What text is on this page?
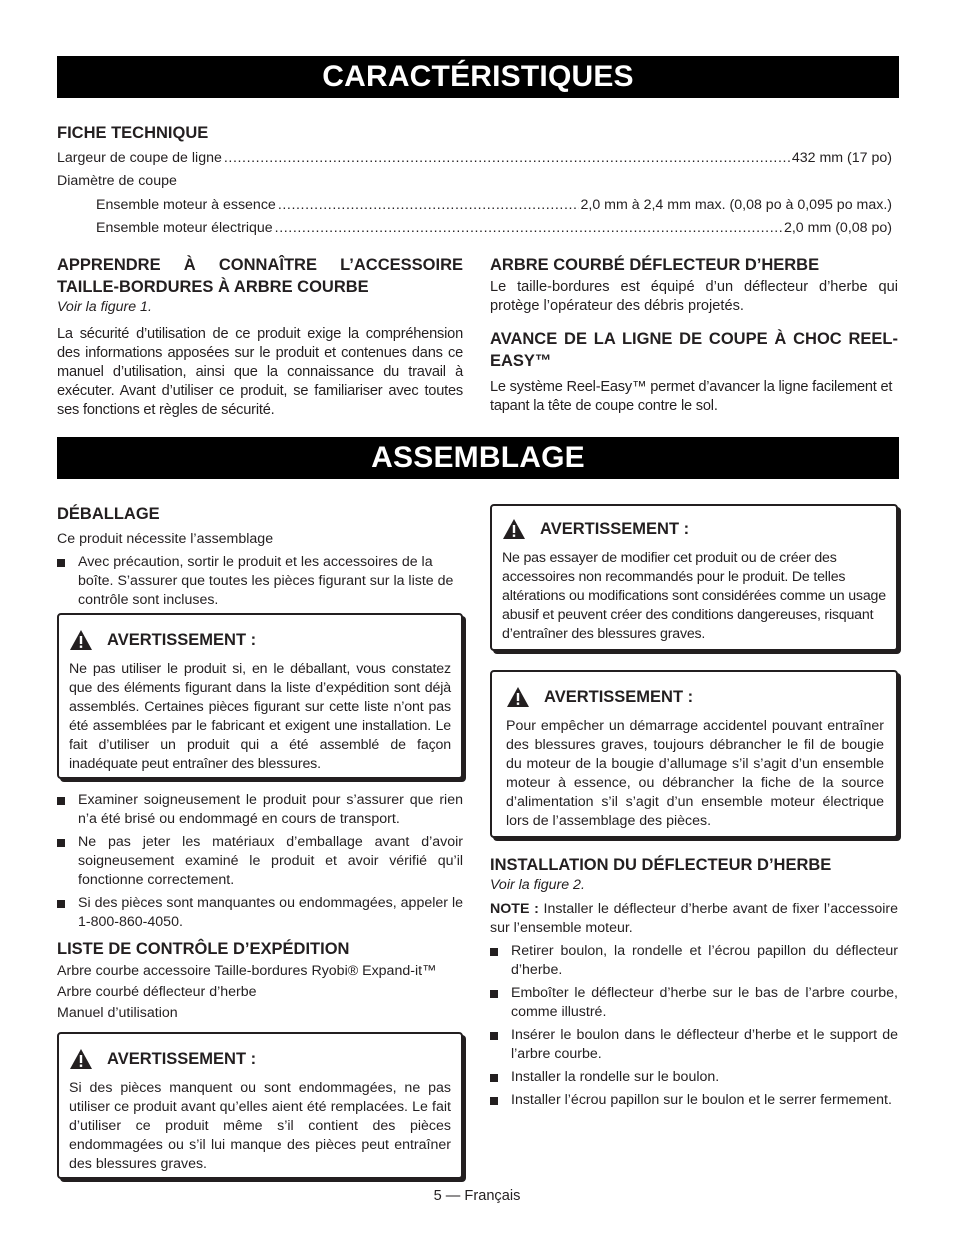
CARACTÉRISTIQUES
FICHE TECHNIQUE
Largeur de coupe de ligne .....	432 mm (17 po)
Diamètre de coupe
Ensemble moteur à essence .....	2,0 mm à 2,4 mm max. (0,08 po à 0,095 po max.)
Ensemble moteur électrique .....	2,0 mm (0,08 po)
APPRENDRE À CONNAÎTRE L’ACCESSOIRE TAILLE-BORDURES À ARBRE COURBE

Voir la figure 1.

La sécurité d’utilisation de ce produit exige la compréhension des informations apposées sur le produit et contenues dans ce manuel d’utilisation, ainsi que la connaissance du travail à exécuter. Avant d’utiliser ce produit, se familiariser avec toutes ses fonctions et règles de sécurité.

ARBRE COURBÉ DÉFLECTEUR D’HERBE

Le taille-bordures est équipé d’un déflecteur d’herbe qui protège l’opérateur des débris projetés.

AVANCE DE LA LIGNE DE COUPE À CHOC REEL-EASY™

Le système Reel-Easy™ permet d’avancer la ligne facilement et tapant la tête de coupe contre le sol.

ASSEMBLAGE
DÉBALLAGE

Ce produit nécessite l’assemblage

Avec précaution, sortir le produit et les accessoires de la boîte. S’assurer que toutes les pièces figurant sur la liste de contrôle sont incluses.
AVERTISSEMENT :

Ne pas utiliser le produit si, en le déballant, vous constatez que des éléments figurant dans la liste d’expédition sont déjà assemblés. Certaines pièces figurant sur cette liste n’ont pas été assemblées par le fabricant et exigent une installation. Le fait d’utiliser un produit qui a été assemblé de façon inadéquate peut entraîner des blessures.

Examiner soigneusement le produit pour s’assurer que rien n’a été brisé ou endommagé en cours de transport.
Ne pas jeter les matériaux d’emballage avant d’avoir soigneusement examiné le produit et avoir vérifié qu’il fonctionne correctement.
Si des pièces sont manquantes ou endommagées, appeler le 1-800-860-4050.
LISTE DE CONTRÔLE D’EXPÉDITION

Arbre courbe accessoire Taille-bordures Ryobi® Expand-it™

Arbre courbé déflecteur d’herbe

Manuel d’utilisation

AVERTISSEMENT :

Si des pièces manquent ou sont endommagées, ne pas utiliser ce produit avant qu’elles aient été remplacées. Le fait d’utiliser ce produit même s’il contient des pièces endommagées ou s’il lui manque des pièces peut entraîner des blessures graves.

AVERTISSEMENT :

Ne pas essayer de modifier cet produit ou de créer des accessoires non recommandés pour le produit. De telles altérations ou modifications sont considérées comme un usage abusif et peuvent créer des conditions dangereuses, risquant d’entraîner des blessures graves.

AVERTISSEMENT :

Pour empêcher un démarrage accidentel pouvant entraîner des blessures graves, toujours débrancher le fil de bougie du moteur de la bougie d’allumage s’il s’agit d’un ensemble moteur à essence, ou débrancher la fiche de la source d’alimentation s’il s’agit d’un ensemble moteur électrique lors de l’assemblage des pièces.

INSTALLATION DU DÉFLECTEUR D’HERBE

Voir la figure 2.

NOTE : Installer le déflecteur d’herbe avant de fixer l’accessoire sur l’ensemble moteur.

Retirer boulon, la rondelle et l’écrou papillon du déflecteur d’herbe.
Emboîter le déflecteur d’herbe sur le bas de l’arbre courbe, comme illustré.
Insérer le boulon dans le déflecteur d’herbe et le support de l’arbre courbe.
Installer la rondelle sur le boulon.
Installer l’écrou papillon sur le boulon et le serrer fermement.
5 — Français
